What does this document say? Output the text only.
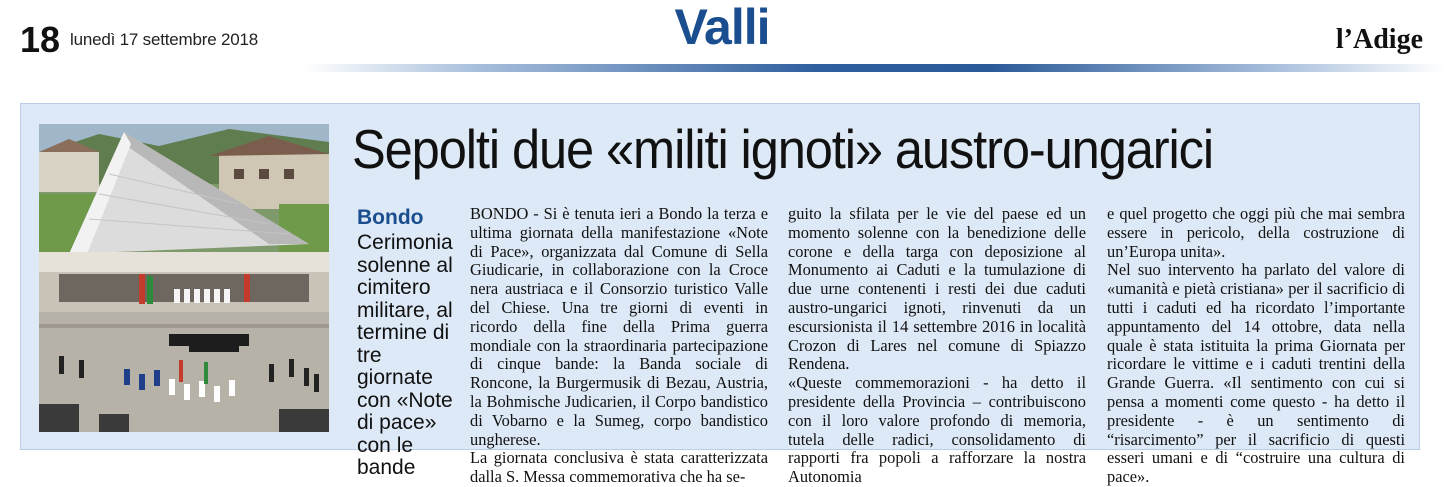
18 lunedì 17 settembre 2018	Valli	l’Adige
Sepolti due «militi ignoti» austro-ungarici
Bondo
Cerimonia solenne al cimitero militare, al termine di tre giornate con «Note di pace» con le bande

BONDO - Si è tenuta ieri a Bondo la terza e ultima giornata della manifestazione «Note di Pace», organizzata dal Comune di Sella Giudicarie, in collaborazione con la Croce nera austriaca e il Consorzio turistico Valle del Chiese. Una tre giorni di eventi in ricordo della fine della Prima guerra mondiale con la straordinaria partecipazione di cinque bande: la Banda sociale di Roncone, la Burgermusik di Bezau, Austria, la Bohmische Judicarien, il Corpo bandistico di Vobarno e la Sumeg, corpo bandistico ungherese.

La giornata conclusiva è stata caratterizzata dalla S. Messa commemorativa che ha se-

guito la sfilata per le vie del paese ed un momento solenne con la benedizione delle corone e della targa con deposizione al Monumento ai Caduti e la tumulazione di due urne contenenti i resti dei due caduti austro-ungarici ignoti, rinvenuti da un escursionista il 14 settembre 2016 in località Crozon di Lares nel comune di Spiazzo Rendena.

«Queste commemorazioni - ha detto il presidente della Provincia – contribuiscono con il loro valore profondo di memoria, tutela delle radici, consolidamento di rapporti fra popoli a rafforzare la nostra Autonomia

e quel progetto che oggi più che mai sembra essere in pericolo, della costruzione di un’Europa unita».

Nel suo intervento ha parlato del valore di «umanità e pietà cristiana» per il sacrificio di tutti i caduti ed ha ricordato l’importante appuntamento del 14 ottobre, data nella quale è stata istituita la prima Giornata per ricordare le vittime e i caduti trentini della Grande Guerra. «Il sentimento con cui si pensa a momenti come questo - ha detto il presidente - è un sentimento di “risarcimento” per il sacrificio di questi esseri umani e di “costruire una cultura di pace».
